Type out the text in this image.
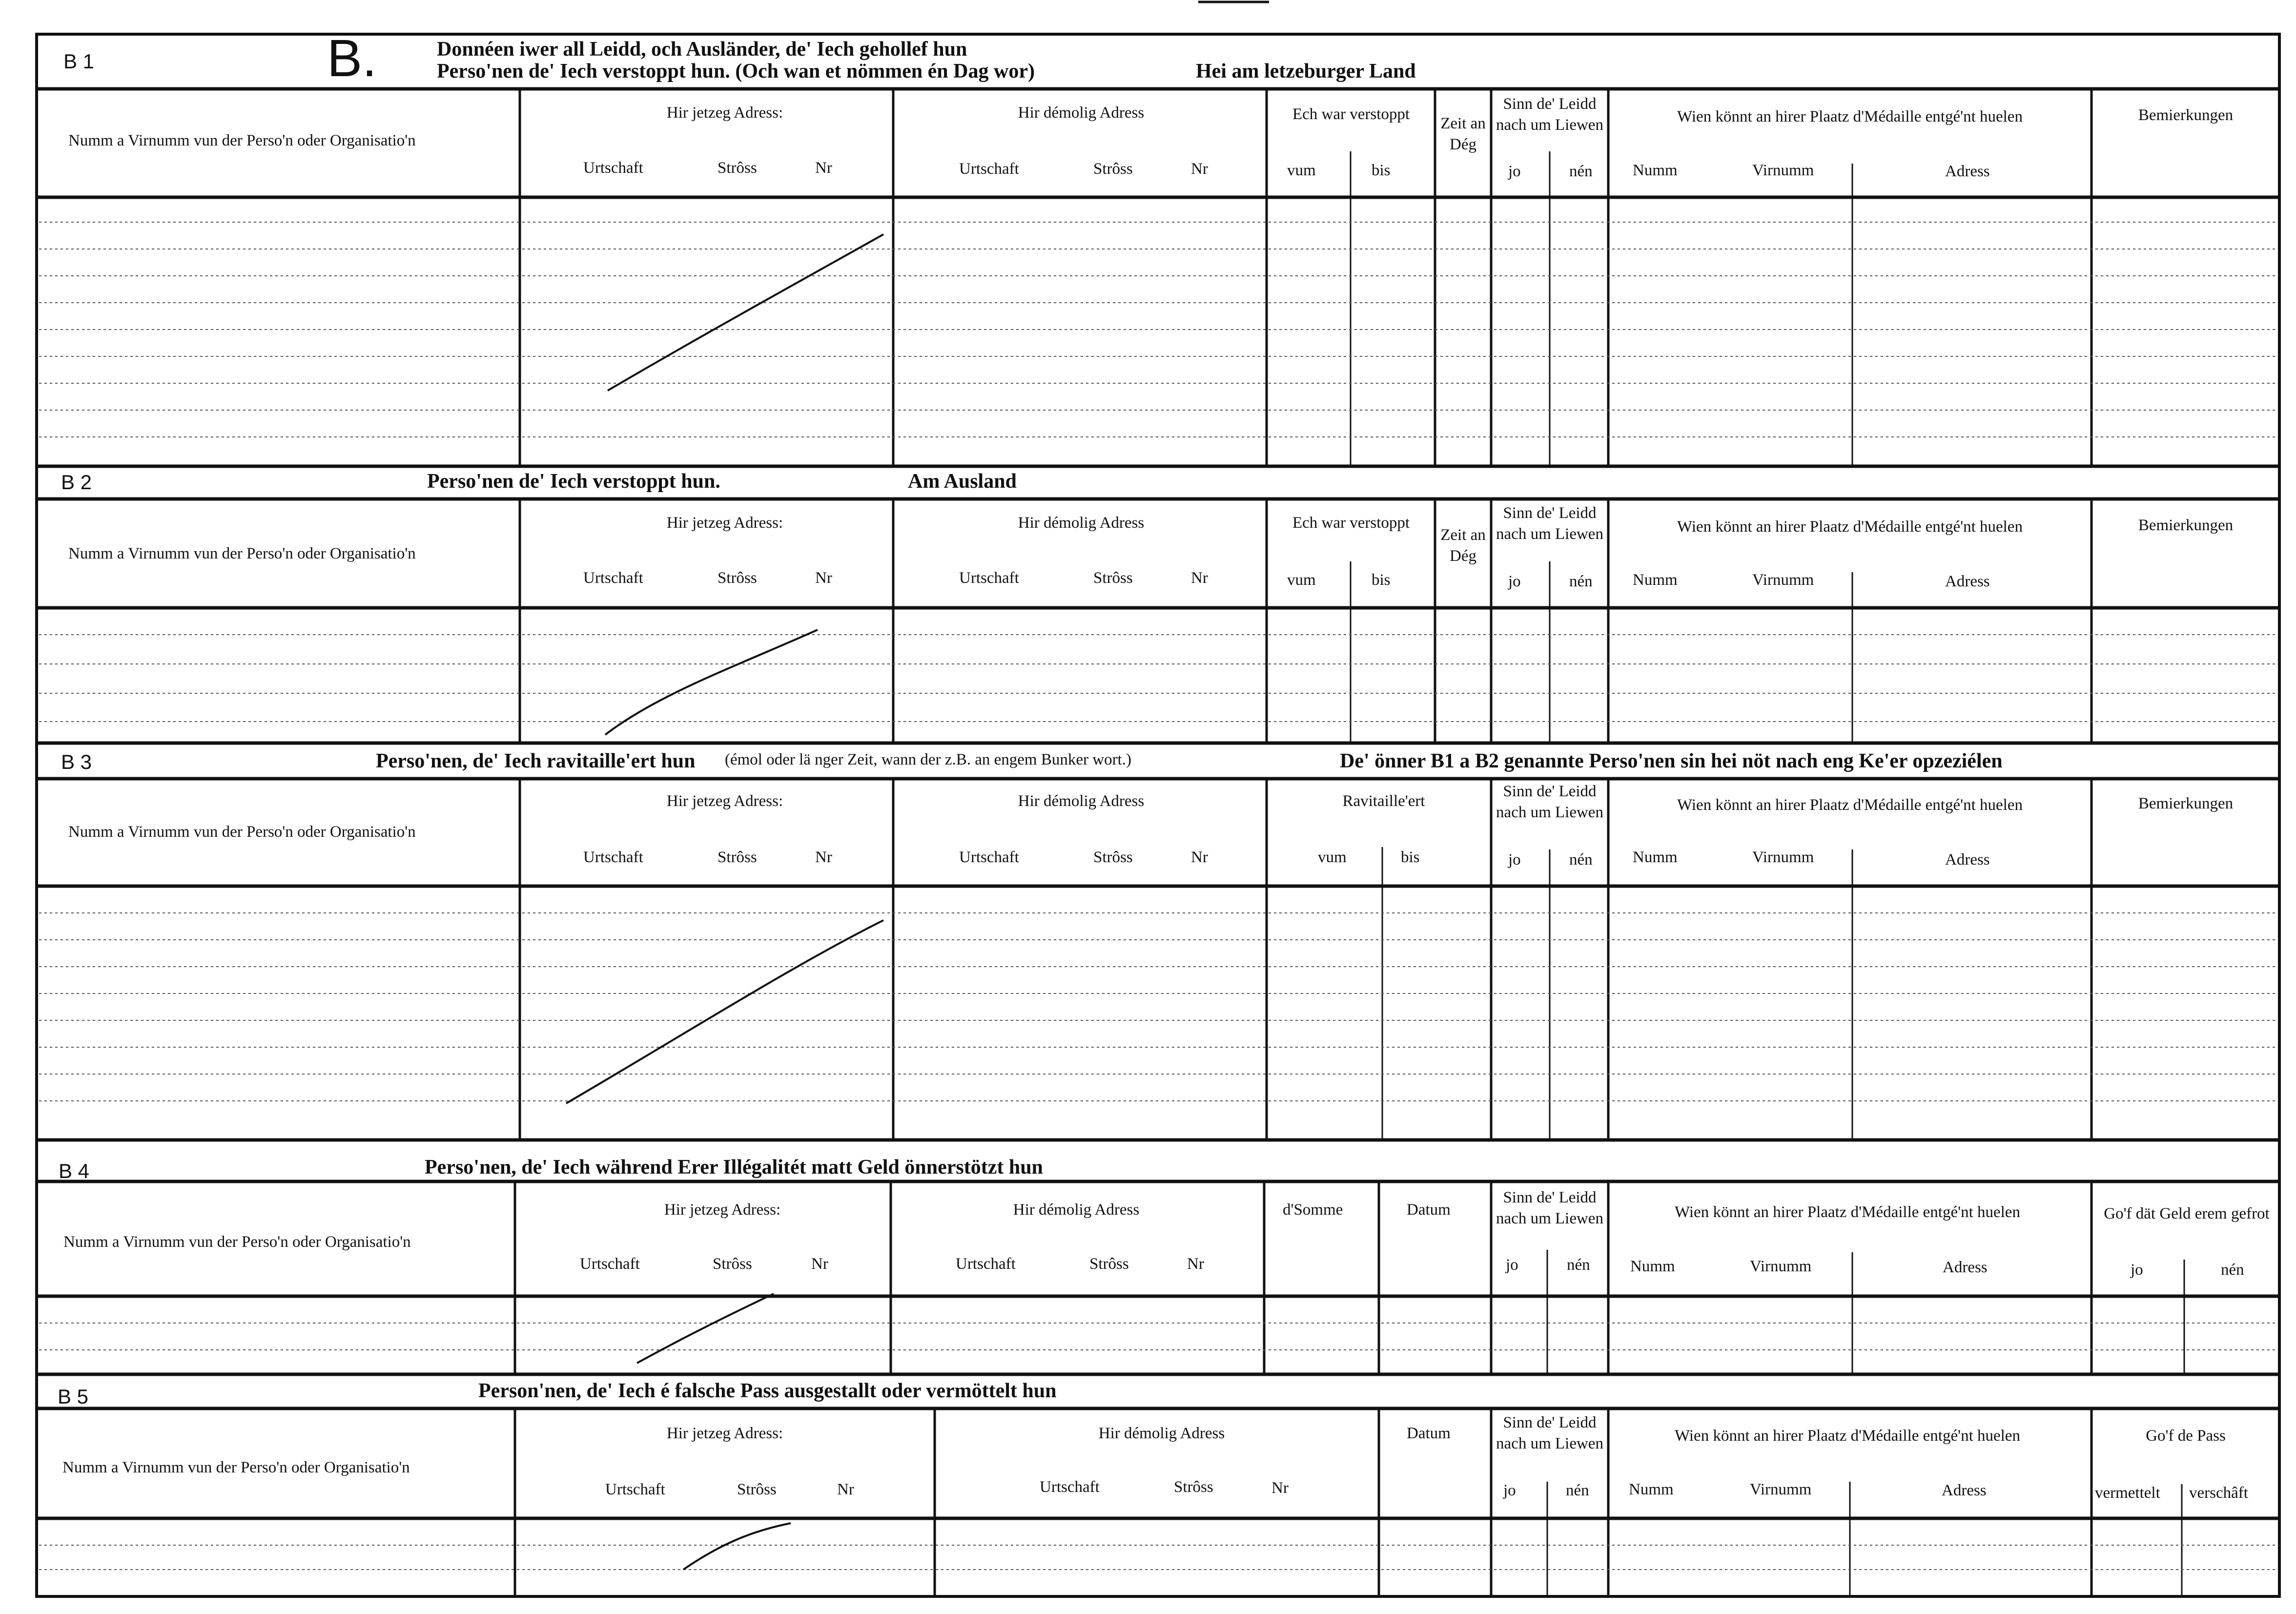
B 1	B.	Donnéen iwer all Leidd, och Ausländer, de' Iech gehollef hun
Perso'nen de' Iech verstoppt hun. (Och wan et nömmen én Dag wor)	Hei am letzeburger Land
Numm a Virnumm vun der Perso'n oder Organisatio'n
Hir jetzeg Adress:
Urtschaft	Strôss	Nr
Hir démolig Adress
Urtschaft	Strôss	Nr
Ech war verstoppt
vum	bis
Zeit an Dég
Sinn de' Leidd nach um Liewen
jo	nén
Wien könnt an hirer Plaatz d'Médaille entgé'nt huelen
Numm	Virnumm	Adress
Bemierkungen
B 2	Perso'nen de' Iech verstoppt hun.	Am Ausland
Numm a Virnumm vun der Perso'n oder Organisatio'n
Hir jetzeg Adress:
Urtschaft	Strôss	Nr
Hir démolig Adress
Urtschaft	Strôss	Nr
Ech war verstoppt
vum	bis
Zeit an Dég
Sinn de' Leidd nach um Liewen
jo	nén
Wien könnt an hirer Plaatz d'Médaille entgé'nt huelen
Numm	Virnumm	Adress
Bemierkungen
B 3	Perso'nen, de' Iech ravitaille'ert hun (émol oder lä nger Zeit, wann der z.B. an engem Bunker wort.)	De' önner B1 a B2 genannte Perso'nen sin hei nöt nach eng Ke'er opzeziélen
Numm a Virnumm vun der Perso'n oder Organisatio'n
Hir jetzeg Adress:
Urtschaft	Strôss	Nr
Hir démolig Adress
Urtschaft	Strôss	Nr
Ravitaille'ert
vum	bis
Sinn de' Leidd nach um Liewen
jo	nén
Wien könnt an hirer Plaatz d'Médaille entgé'nt huelen
Numm	Virnumm	Adress
Bemierkungen
B 4	Perso'nen, de' Iech während Erer Illégalitét matt Geld önnerstötzt hun
Numm a Virnumm vun der Perso'n oder Organisatio'n
Hir jetzeg Adress:
Urtschaft	Strôss	Nr
Hir démolig Adress
Urtschaft	Strôss	Nr
d'Somme	Datum
Sinn de' Leidd nach um Liewen
jo	nén
Wien könnt an hirer Plaatz d'Médaille entgé'nt huelen
Numm	Virnumm	Adress
Go'f dät Geld erem gefrot
jo	nén
B 5	Person'nen, de' Iech é falsche Pass ausgestallt oder vermöttelt hun
Numm a Virnumm vun der Perso'n oder Organisatio'n
Hir jetzeg Adress:
Urtschaft	Strôss	Nr
Hir démolig Adress
Urtschaft	Strôss	Nr
Datum
Sinn de' Leidd nach um Liewen
jo	nén
Wien könnt an hirer Plaatz d'Médaille entgé'nt huelen
Numm	Virnumm	Adress
Go'f de Pass
vermettelt verschâft
